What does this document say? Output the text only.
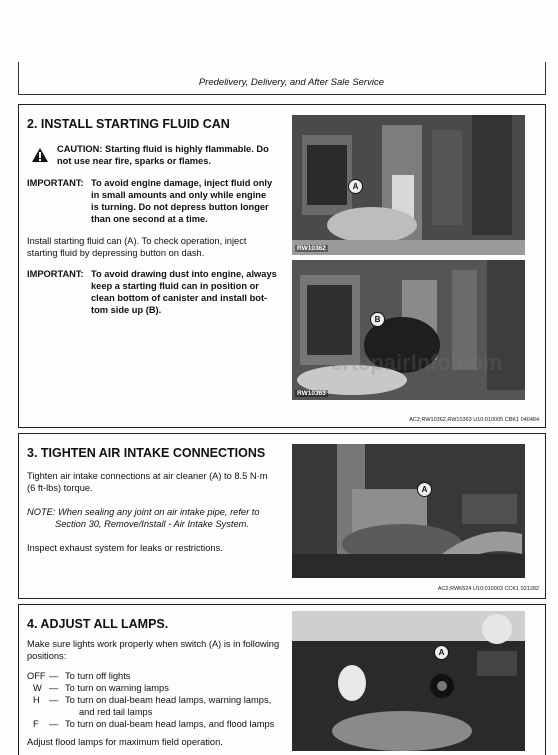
Predelivery, Delivery, and After Sale Service
2. INSTALL STARTING FLUID CAN
CAUTION: Starting fluid is highly flammable. Do
not use near fire, sparks or flames.
IMPORTANT: To avoid engine damage, inject fluid only
in small amounts and only while engine
is turning. Do not depress button longer
than one second at a time.
Install starting fluid can (A). To check operation, inject
starting fluid by depressing button on dash.
IMPORTANT: To avoid drawing dust into engine, always
keep a starting fluid can in position or
clean bottom of canister and install bot-
tom side up (B).
A
RW10362
B
RW10363
AC2;RW10362,RW10363 U10;010005 CBK1 040484
3. TIGHTEN AIR INTAKE CONNECTIONS
Tighten air intake connections at air cleaner (A) to 8.5 N·m
(6 ft-lbs) torque.
NOTE: When sealing any joint on air intake pipe, refer to
Section 30, Remove/Install - Air Intake System.
Inspect exhaust system for leaks or restrictions.
A
AC2;RW6524 U10;010003 CCK1 021282
4. ADJUST ALL LAMPS.
Make sure lights work properly when switch (A) is in following
positions:
OFF — To turn off lights
W — To turn on warning lamps
H — To turn on dual-beam head lamps, warning lamps,
and red tail lamps
F — To turn on dual-beam head lamps, and flood lamps
Adjust flood lamps for maximum field operation.
A
eRepairInfo.com
